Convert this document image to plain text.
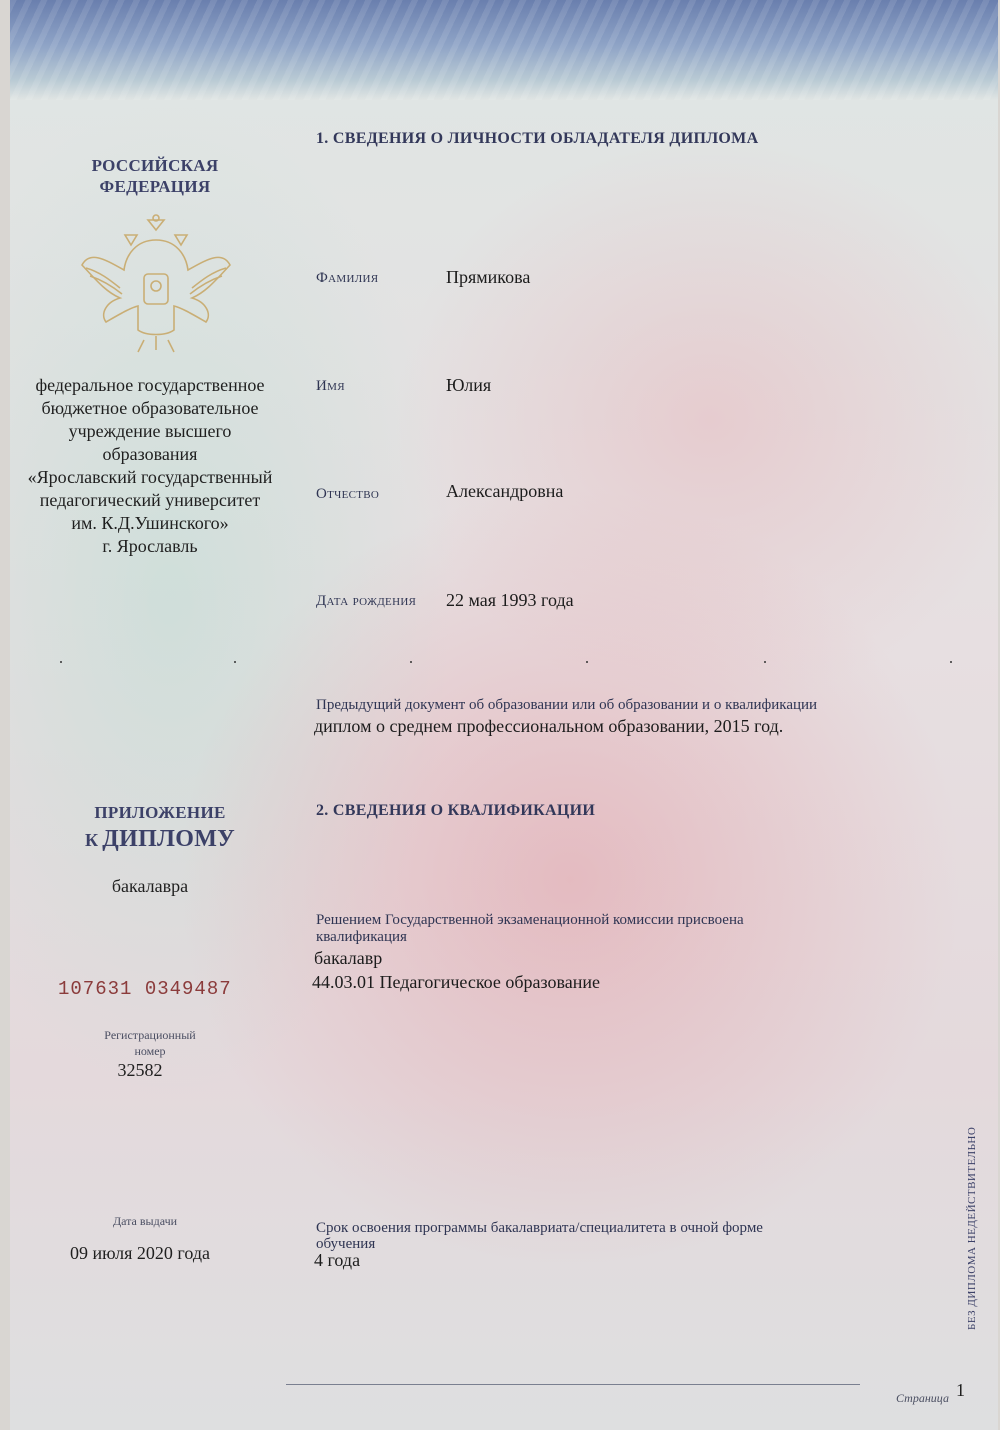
РОССИЙСКАЯ
ФЕДЕРАЦИЯ
федеральное государственное
бюджетное образовательное
учреждение высшего
образования
«Ярославский государственный
педагогический университет
им. К.Д.Ушинского»
г. Ярославль
ПРИЛОЖЕНИЕ
К ДИПЛОМУ
бакалавра
107631 0349487
Регистрационный
номер
32582
Дата выдачи
09 июля 2020 года
1. СВЕДЕНИЯ О ЛИЧНОСТИ ОБЛАДАТЕЛЯ ДИПЛОМА
Фамилия	Прямикова
Имя	Юлия
Отчество	Александровна
Дата рождения 22 мая 1993 года
Предыдущий документ об образовании или об образовании и о квалификации
диплом о среднем профессиональном образовании, 2015 год.
2. СВЕДЕНИЯ О КВАЛИФИКАЦИИ
Решением Государственной экзаменационной комиссии присвоена
квалификация
бакалавр
44.03.01 Педагогическое образование
Срок освоения программы бакалавриата/специалитета в очной форме
обучения
4 года	БЕЗ ДИПЛОМА НЕДЕЙСТВИТЕЛЬНО
Страница 1
